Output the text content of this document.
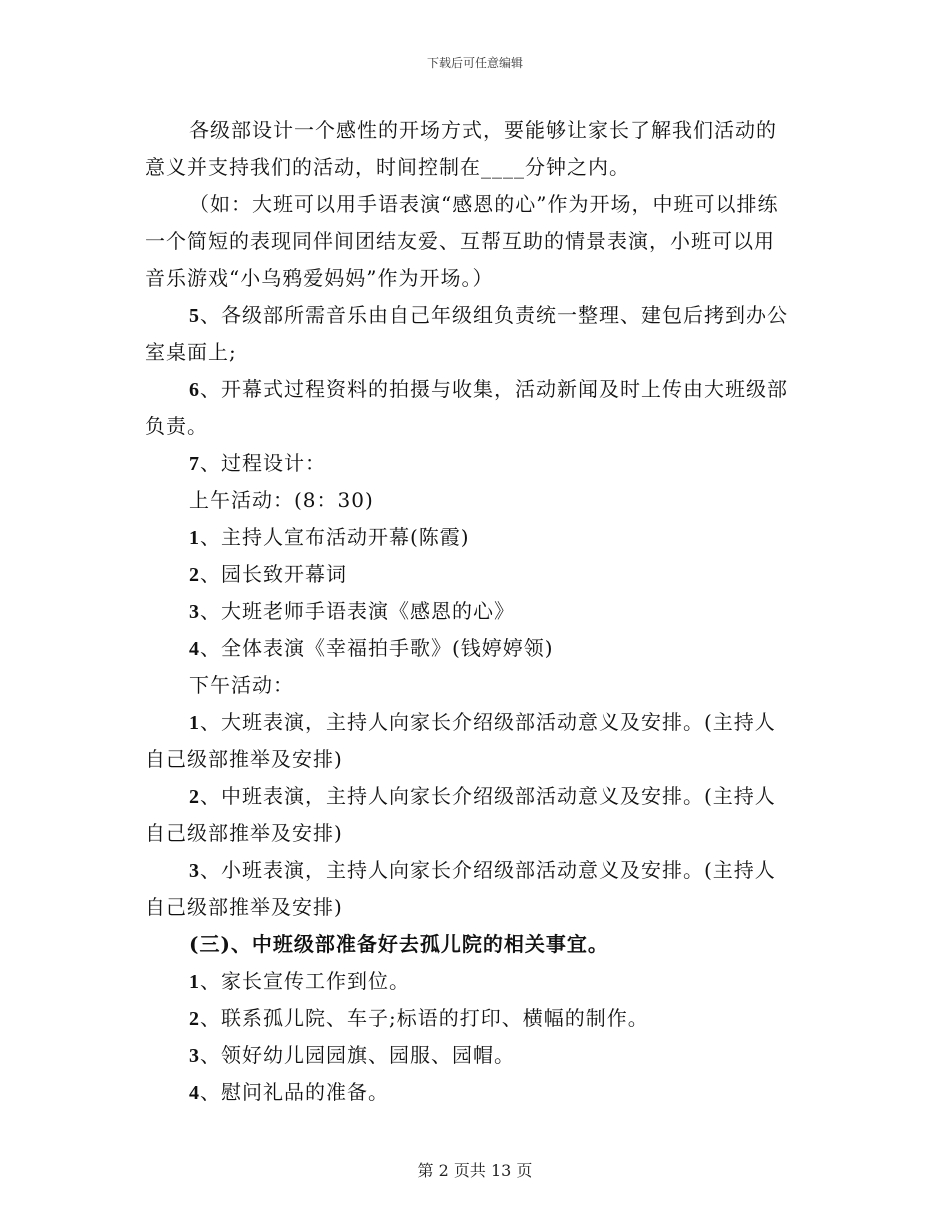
下载后可任意编辑
各级部设计一个感性的开场方式，要能够让家长了解我们活动的
意义并支持我们的活动，时间控制在____分钟之内。
（如：大班可以用手语表演“感恩的心”作为开场，中班可以排练
一个简短的表现同伴间团结友爱、互帮互助的情景表演，小班可以用
音乐游戏“小乌鸦爱妈妈”作为开场。）
5、各级部所需音乐由自己年级组负责统一整理、建包后拷到办公
室桌面上;
6、开幕式过程资料的拍摄与收集，活动新闻及时上传由大班级部
负责。
7、过程设计：
上午活动：(8：30)
1、主持人宣布活动开幕(陈霞)
2、园长致开幕词
3、大班老师手语表演《感恩的心》
4、全体表演《幸福拍手歌》(钱婷婷领)
下午活动：
1、大班表演，主持人向家长介绍级部活动意义及安排。(主持人
自己级部推举及安排)
2、中班表演，主持人向家长介绍级部活动意义及安排。(主持人
自己级部推举及安排)
3、小班表演，主持人向家长介绍级部活动意义及安排。(主持人
自己级部推举及安排)
(三)、中班级部准备好去孤儿院的相关事宜。
1、家长宣传工作到位。
2、联系孤儿院、车子;标语的打印、横幅的制作。
3、领好幼儿园园旗、园服、园帽。
4、慰问礼品的准备。
第 2 页共 13 页
